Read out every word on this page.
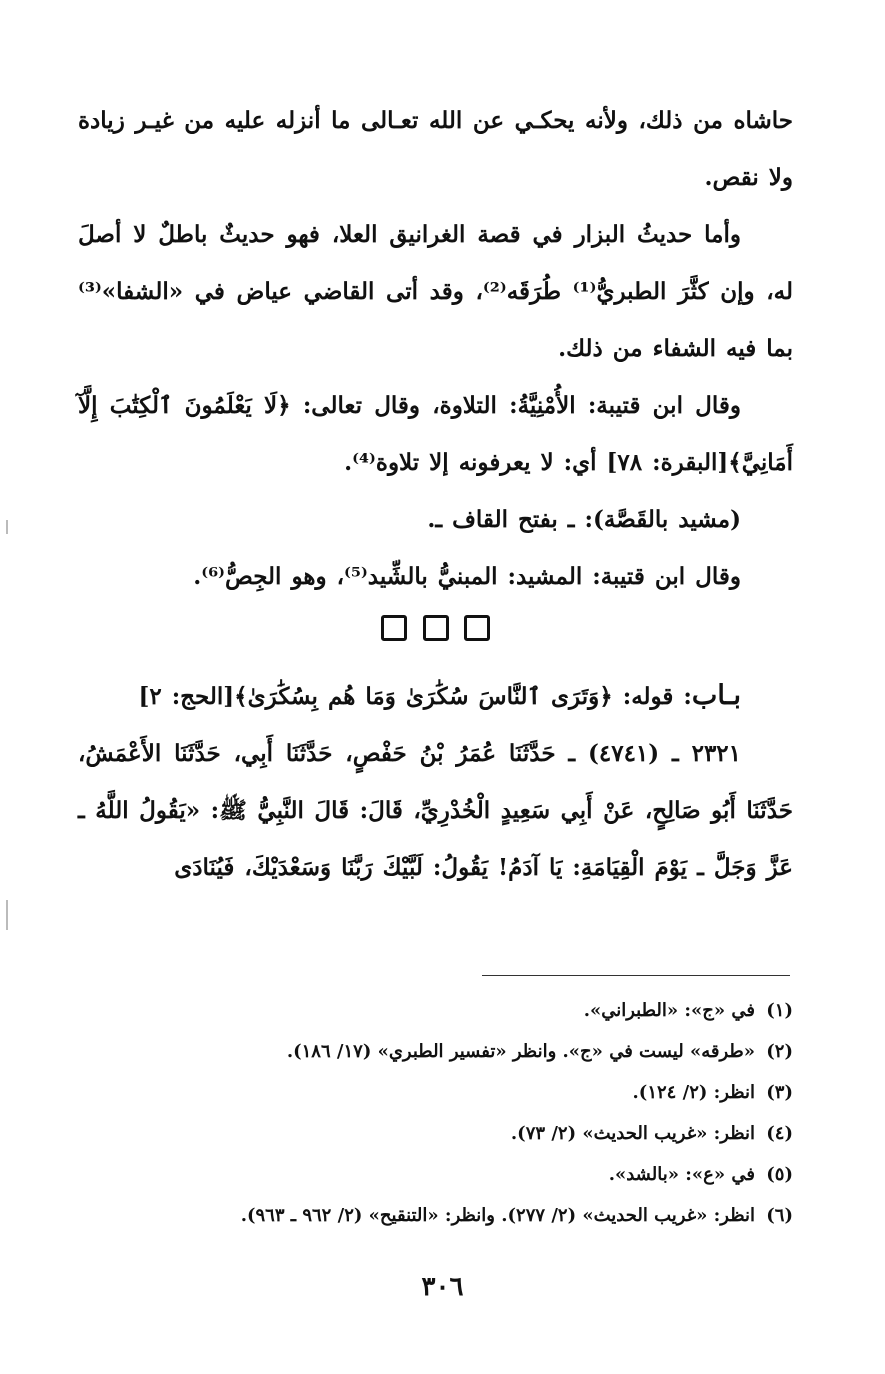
حاشاه من ذلك، ولأنه يحكـي عن الله تعـالى ما أنزله عليه من غيـر زيادة ولا نقص.

وأما حديثُ البزار في قصة الغرانيق العلا، فهو حديثٌ باطلٌ لا أصلَ له، وإن كثَّرَ الطبريُّ⁽¹⁾ طُرَقَه⁽²⁾، وقد أتى القاضي عياض في «الشفا»⁽³⁾ بما فيه الشفاء من ذلك.

وقال ابن قتيبة: الأُمْنِيَّةُ: التلاوة، وقال تعالى: ﴿لَا يَعْلَمُونَ ٱلْكِتَٰبَ إِلَّآ أَمَانِيَّ﴾[البقرة: ٧٨] أي: لا يعرفونه إلا تلاوة⁽⁴⁾.

(مشيد بالقَصَّة): ـ بفتح القاف ـ.

وقال ابن قتيبة: المشيد: المبنيُّ بالشِّيد⁽⁵⁾، وهو الجِصُّ⁽⁶⁾.

بـاب: قوله: ﴿وَتَرَى ٱلنَّاسَ سُكَٰرَىٰ وَمَا هُم بِسُكَٰرَىٰ﴾[الحج: ٢]

٢٣٢١ ـ (٤٧٤١) ـ حَدَّثَنَا عُمَرُ بْنُ حَفْصٍ، حَدَّثَنَا أَبِي، حَدَّثَنَا الأَعْمَشُ، حَدَّثَنَا أَبُو صَالِحٍ، عَنْ أَبِي سَعِيدٍ الْخُدْرِيِّ، قَالَ: قَالَ النَّبِيُّ ﷺ: «يَقُولُ اللَّهُ ـ عَزَّ وَجَلَّ ـ يَوْمَ الْقِيَامَةِ: يَا آدَمُ! يَقُولُ: لَبَّيْكَ رَبَّنَا وَسَعْدَيْكَ، فَيُنَادَى

(١)في «ج»: «الطبراني».

(٢)«طرقه» ليست في «ج». وانظر «تفسير الطبري» (١٧/ ١٨٦).

(٣)انظر: (٢/ ١٢٤).

(٤)انظر: «غريب الحديث» (٢/ ٧٣).

(٥)في «ع»: «بالشد».

(٦)انظر: «غريب الحديث» (٢/ ٢٧٧). وانظر: «التنقيح» (٢/ ٩٦٢ ـ ٩٦٣).

٣٠٦
